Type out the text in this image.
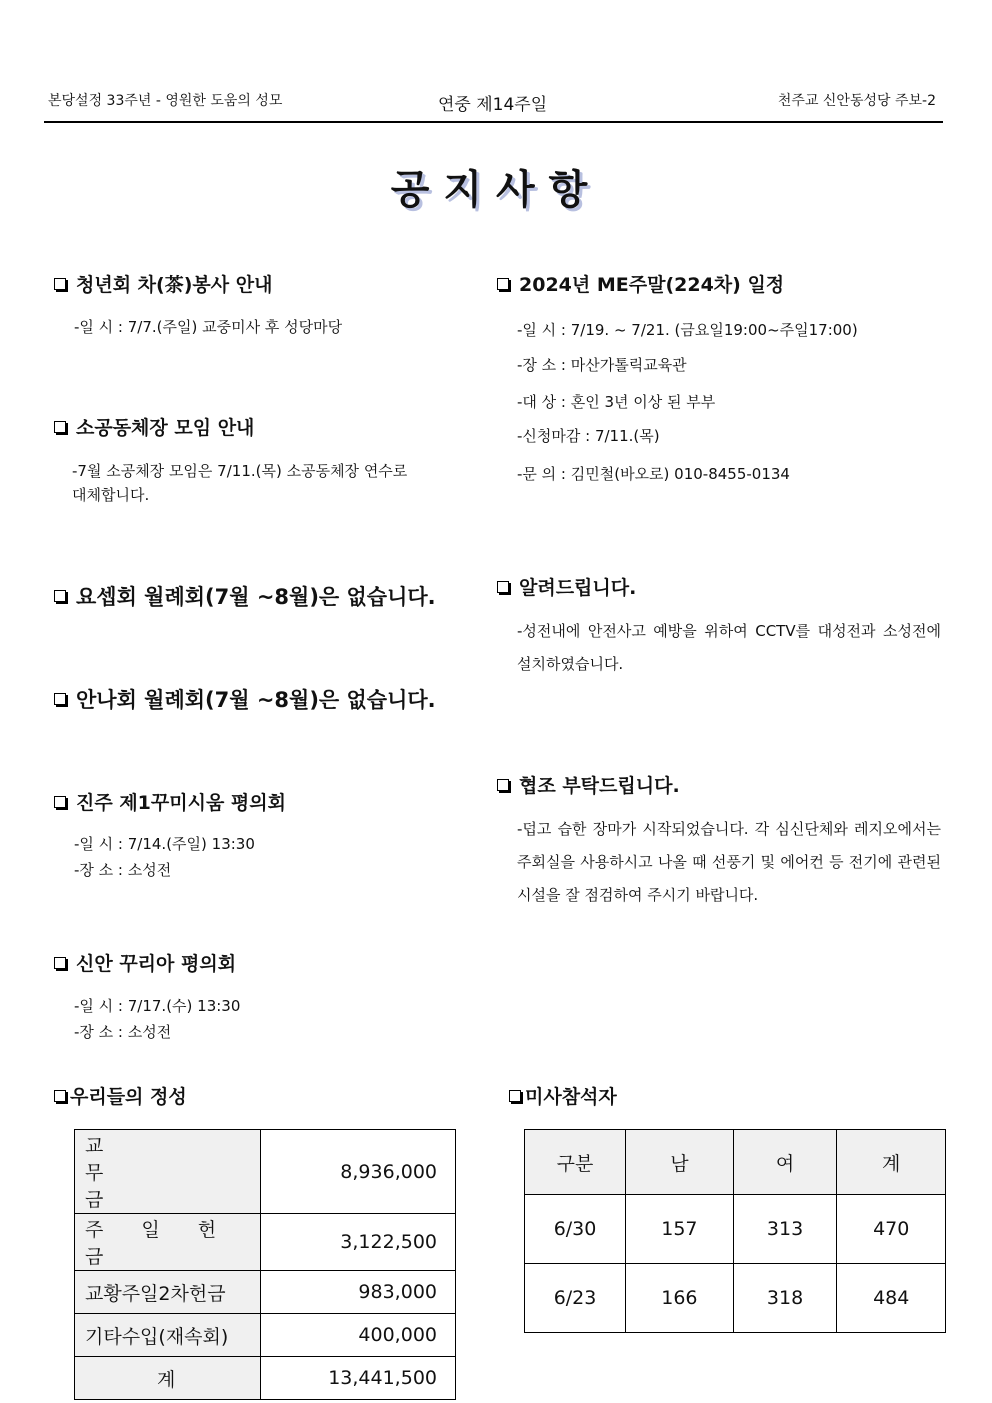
본당설정 33주년 - 영원한 도움의 성모	연중 제14주일	천주교 신안동성당 주보-2
공지사항
청년회 차(茶)봉사 안내
-일 시 : 7/7.(주일) 교중미사 후 성당마당
소공동체장 모임 안내
-7월 소공체장 모임은 7/11.(목) 소공동체장 연수로
대체합니다.
요셉회 월례회(7월 ~8월)은 없습니다.
안나회 월례회(7월 ~8월)은 없습니다.
진주 제1꾸미시움 평의회
-일 시 : 7/14.(주일) 13:30
-장 소 : 소성전
신안 꾸리아 평의회
-일 시 : 7/17.(수) 13:30
-장 소 : 소성전
2024년 ME주말(224차) 일정
-일 시 : 7/19. ~ 7/21. (금요일19:00~주일17:00)
-장 소 : 마산가톨릭교육관
-대 상 : 혼인 3년 이상 된 부부
-신청마감 : 7/11.(목)
-문 의 : 김민철(바오로) 010-8455-0134
알려드립니다.
-성전내에 안전사고 예방을 위하여 CCTV를 대성전과 소성전에 설치하였습니다.
협조 부탁드립니다.
-덥고 습한 장마가 시작되었습니다. 각 심신단체와 레지오에서는 주회실을 사용하시고 나올 때 선풍기 및 에어컨 등 전기에 관련된 시설을 잘 점검하여 주시기 바랍니다.
우리들의 정성
교 무 금	8,936,000
주 일 헌 금	3,122,500
교황주일2차헌금	983,000
기타수입(재속회)	400,000
계	13,441,500
미사참석자
구분	남	여	계
6/30	157	313	470
6/23	166	318	484
